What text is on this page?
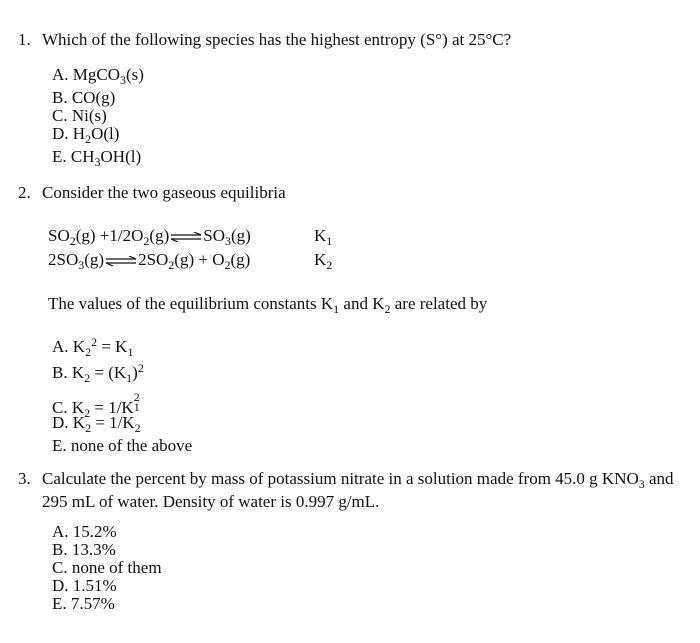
1. Which of the following species has the highest entropy (S°) at 25°C?
A. MgCO$_3$(s)
B. CO(g)
C. Ni(s)
D. $H_2O(l)$
E. $CH_3OH(l)$
2. Consider the two gaseous equilibria
$SO_2(g)$ $+1/2O_2(g)\rightleftharpoons SO_3(g)$	$K_1$
$2SO_3(g)\rightleftharpoons 2SO_2(g) + O_2(g)$	$K_2$
The values of the equilibrium constants $K_1$ and $K_2$ are related by
A. $K_2^2 = K_1$
B. $K_2 = (K_1)^2$
C. $K_2 = 1/K$
2
1
D. $K_2 = 1/K_2$
E. none of the above
3. Calculate the percent by mass of potassium nitrate in a solution made from 45.0 g $KNO_3$ and
295 mL of water. Density of water is 0.997 g/mL.
A. 15.2%
B. 13.3%
C. none of them
D. 1.51%
E. 7.57%
